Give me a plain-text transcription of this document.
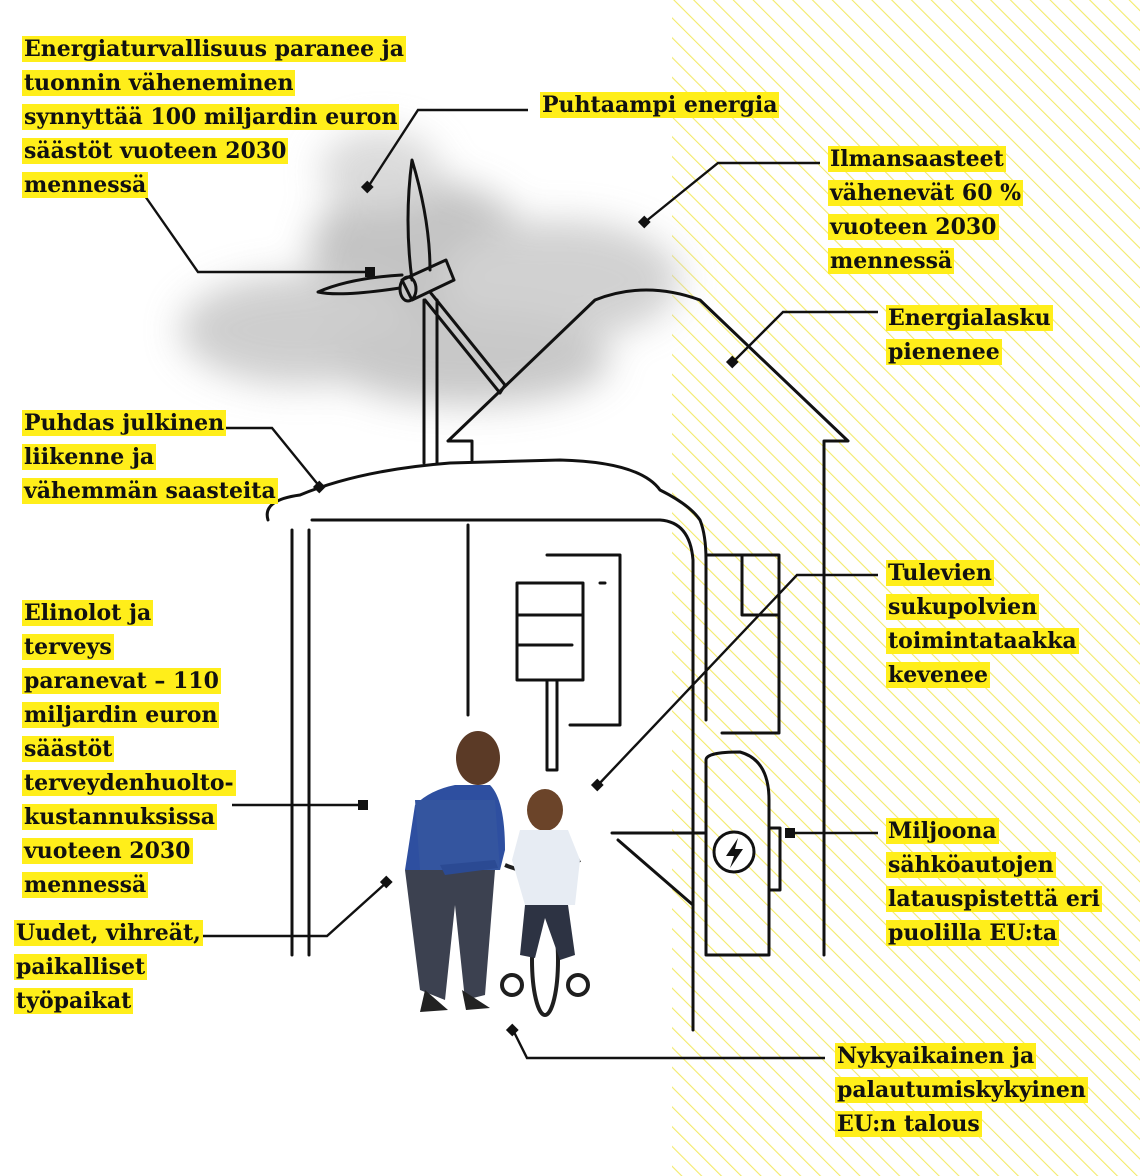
Energiaturvallisuus paranee ja tuonnin väheneminen synnyttää 100 miljardin euron säästöt vuoteen 2030 mennessä

Puhtaampi energia

Ilmansaasteet vähenevät 60 % vuoteen 2030 mennessä

Energialasku pienenee

Puhdas julkinen liikenne ja vähemmän saasteita

Elinolot ja terveys paranevat – 110 miljardin euron säästöt terveydenhuolto-kustannuksissa vuoteen 2030 mennessä

Tulevien sukupolvien toimintataakka kevenee

Miljoona sähköautojen latauspistettä eri puolilla EU:ta

Uudet, vihreät, paikalliset työpaikat

Nykyaikainen ja palautumiskykyinen EU:n talous
